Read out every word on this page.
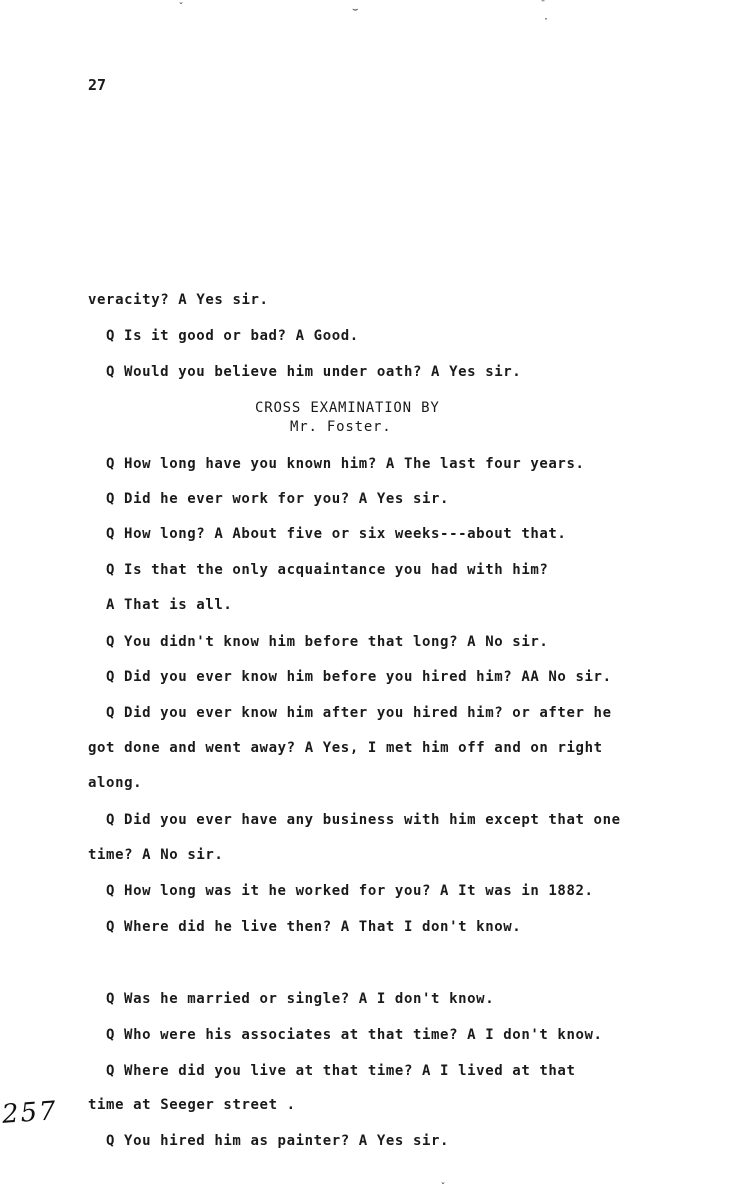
ˇ	⌣	ˉ
·
ˇ
27
veracity? A Yes sir.
Q Is it good or bad? A Good.
Q Would you believe him under oath? A Yes sir.
CROSS EXAMINATION BY
Mr. Foster.
Q How long have you known him? A The last four years.
Q Did he ever work for you? A Yes sir.
Q How long? A About five or six weeks---about that.
Q Is that the only acquaintance you had with him?
A That is all.
Q You didn't know him before that long? A No sir.
Q Did you ever know him before you hired him? AA No sir.
Q Did you ever know him after you hired him? or after he
got done and went away? A Yes, I met him off and on right
along.
Q Did you ever have any business with him except that one
time? A No sir.
Q How long was it he worked for you? A It was in 1882.
Q Where did he live then? A That I don't know.
Q Was he married or single? A I don't know.
Q Who were his associates at that time? A I don't know.
Q Where did you live at that time? A I lived at that
time at Seeger street .
Q You hired him as painter? A Yes sir.
257
